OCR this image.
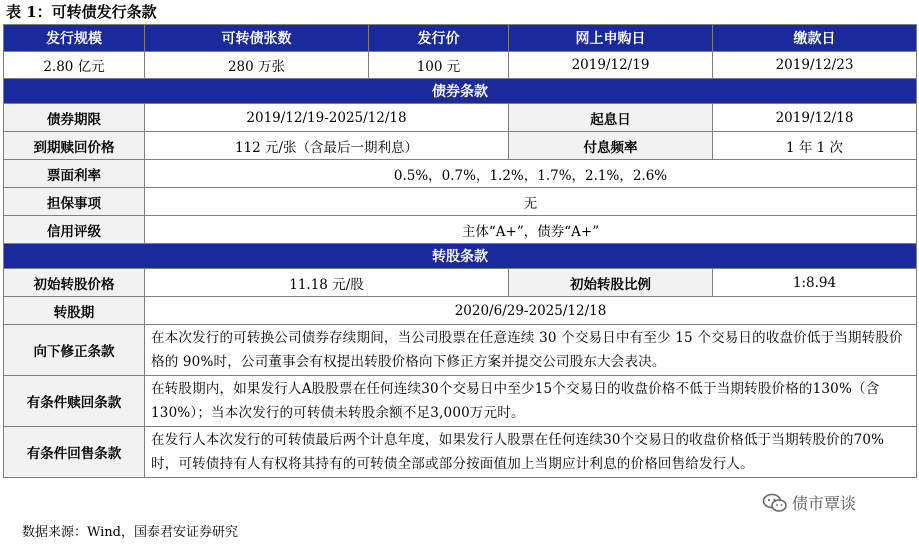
表 1：可转债发行条款
发行规模	可转债张数	发行价	网上申购日	缴款日
2.80 亿元	280 万张	100 元	2019/12/19	2019/12/23
债券条款				
债券期限	2019/12/19-2025/12/18		起息日	2019/12/18
到期赎回价格	112 元/张（含最后一期利息）		付息频率	1 年 1 次
票面利率	0.5%，0.7%，1.2%，1.7%，2.1%，2.6%			
担保事项	无			
信用评级	主体“A+”，债券“A+”			
转股条款				
初始转股价格	11.18 元/股		初始转股比例	1:8.94
转股期	2020/6/29-2025/12/18			
向下修正条款	在本次发行的可转换公司债券存续期间，当公司股票在任意连续 30 个交易日中有至少 15 个交易日的收盘价低于当期转股价格的 90%时，公司董事会有权提出转股价格向下修正方案并提交公司股东大会表决。			
有条件赎回条款	在转股期内，如果发行人A股股票在任何连续30个交易日中至少15个交易日的收盘价格不低于当期转股价格的130%（含130%）；当本次发行的可转债未转股余额不足3,000万元时。			
有条件回售条款	在发行人本次发行的可转债最后两个计息年度，如果发行人股票在任何连续30个交易日的收盘价格低于当期转股价的70%时，可转债持有人有权将其持有的可转债全部或部分按面值加上当期应计利息的价格回售给发行人。			
数据来源：Wind，国泰君安证券研究
债市覃谈
